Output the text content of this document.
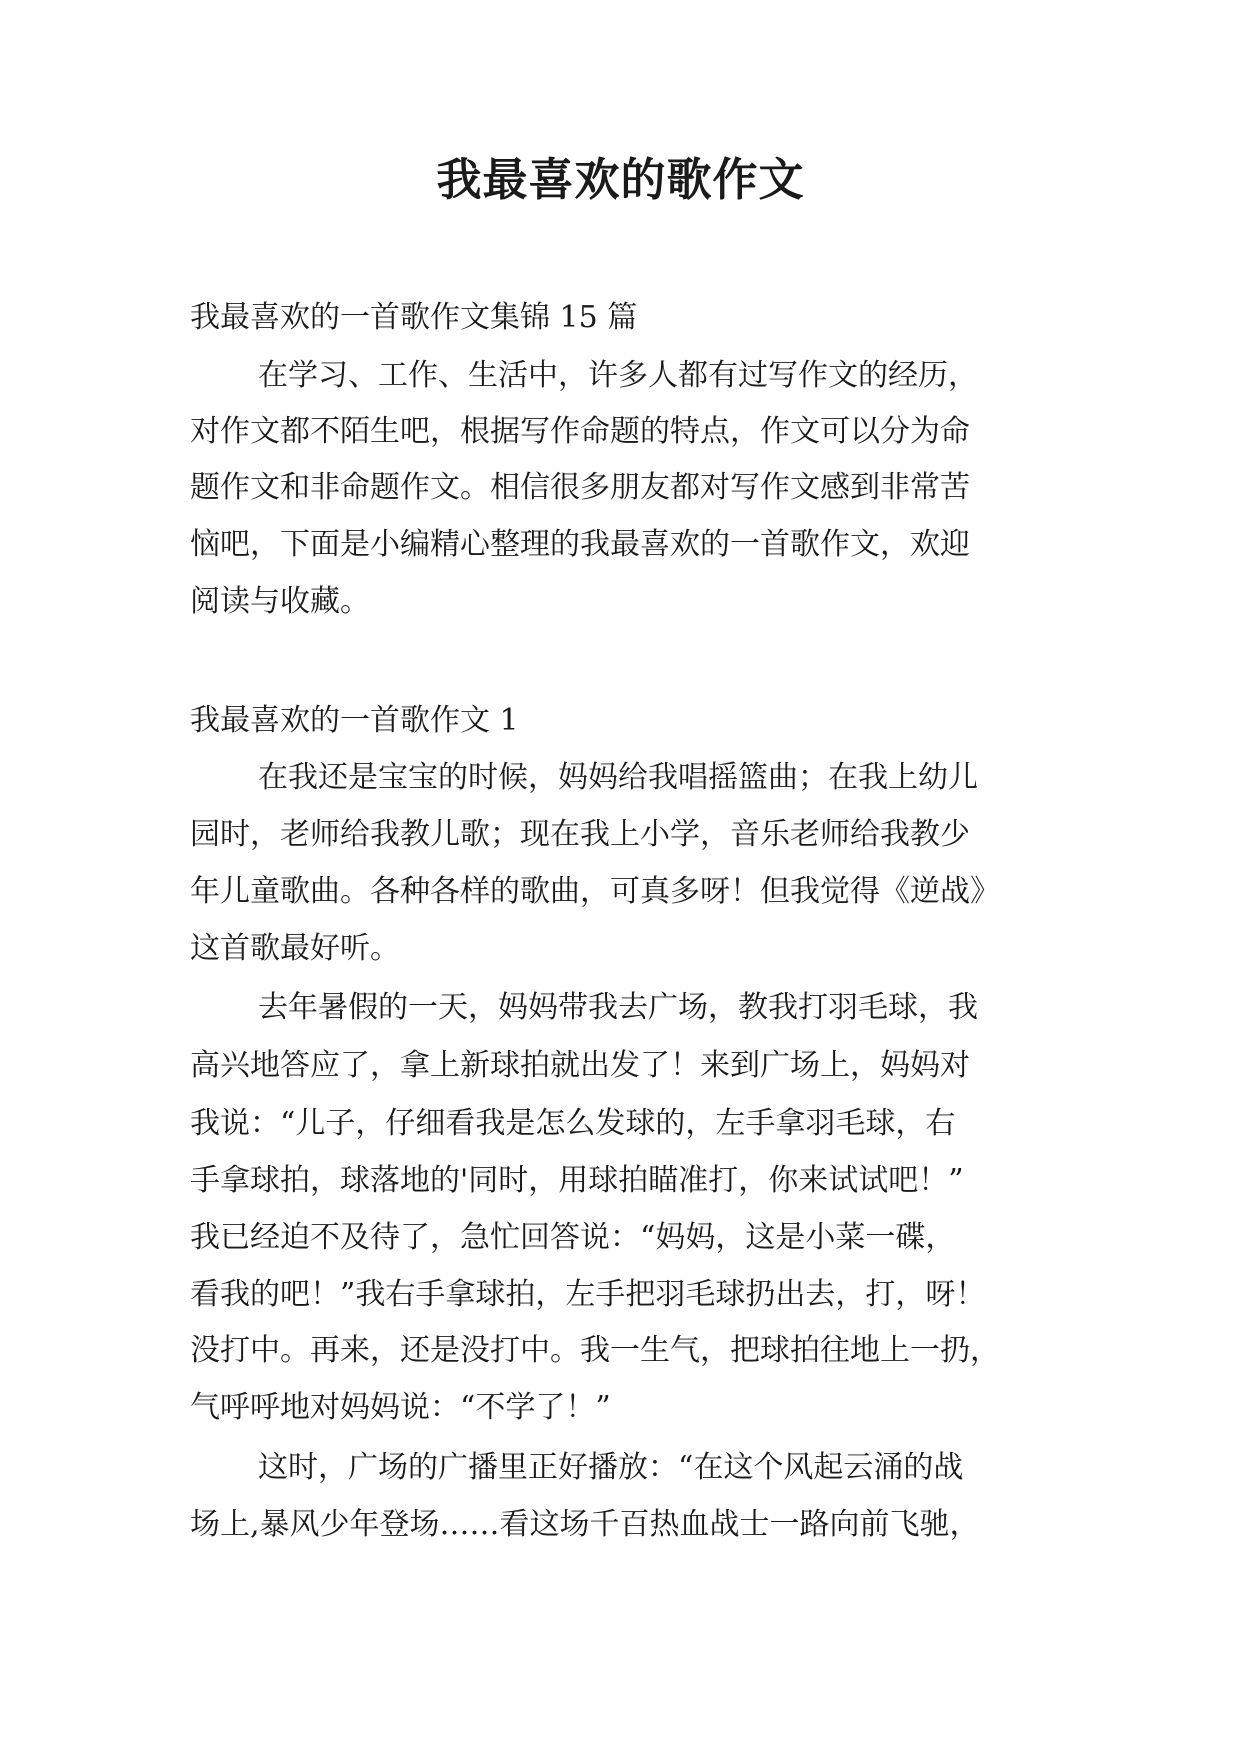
我最喜欢的歌作文
我最喜欢的一首歌作文集锦 15 篇
在学习、工作、生活中，许多人都有过写作文的经历，
对作文都不陌生吧，根据写作命题的特点，作文可以分为命
题作文和非命题作文。相信很多朋友都对写作文感到非常苦
恼吧，下面是小编精心整理的我最喜欢的一首歌作文，欢迎
阅读与收藏。
我最喜欢的一首歌作文 1
在我还是宝宝的时候，妈妈给我唱摇篮曲；在我上幼儿
园时，老师给我教儿歌；现在我上小学，音乐老师给我教少
年儿童歌曲。各种各样的歌曲，可真多呀！但我觉得《逆战》
这首歌最好听。
去年暑假的一天，妈妈带我去广场，教我打羽毛球，我
高兴地答应了，拿上新球拍就出发了！来到广场上，妈妈对
我说：“儿子，仔细看我是怎么发球的，左手拿羽毛球，右
手拿球拍，球落地的'同时，用球拍瞄准打，你来试试吧！”
我已经迫不及待了，急忙回答说：“妈妈，这是小菜一碟，
看我的吧！”我右手拿球拍，左手把羽毛球扔出去，打，呀！
没打中。再来，还是没打中。我一生气，把球拍往地上一扔，
气呼呼地对妈妈说：“不学了！”
这时，广场的广播里正好播放：“在这个风起云涌的战
场上,暴风少年登场……看这场千百热血战士一路向前飞驰，
